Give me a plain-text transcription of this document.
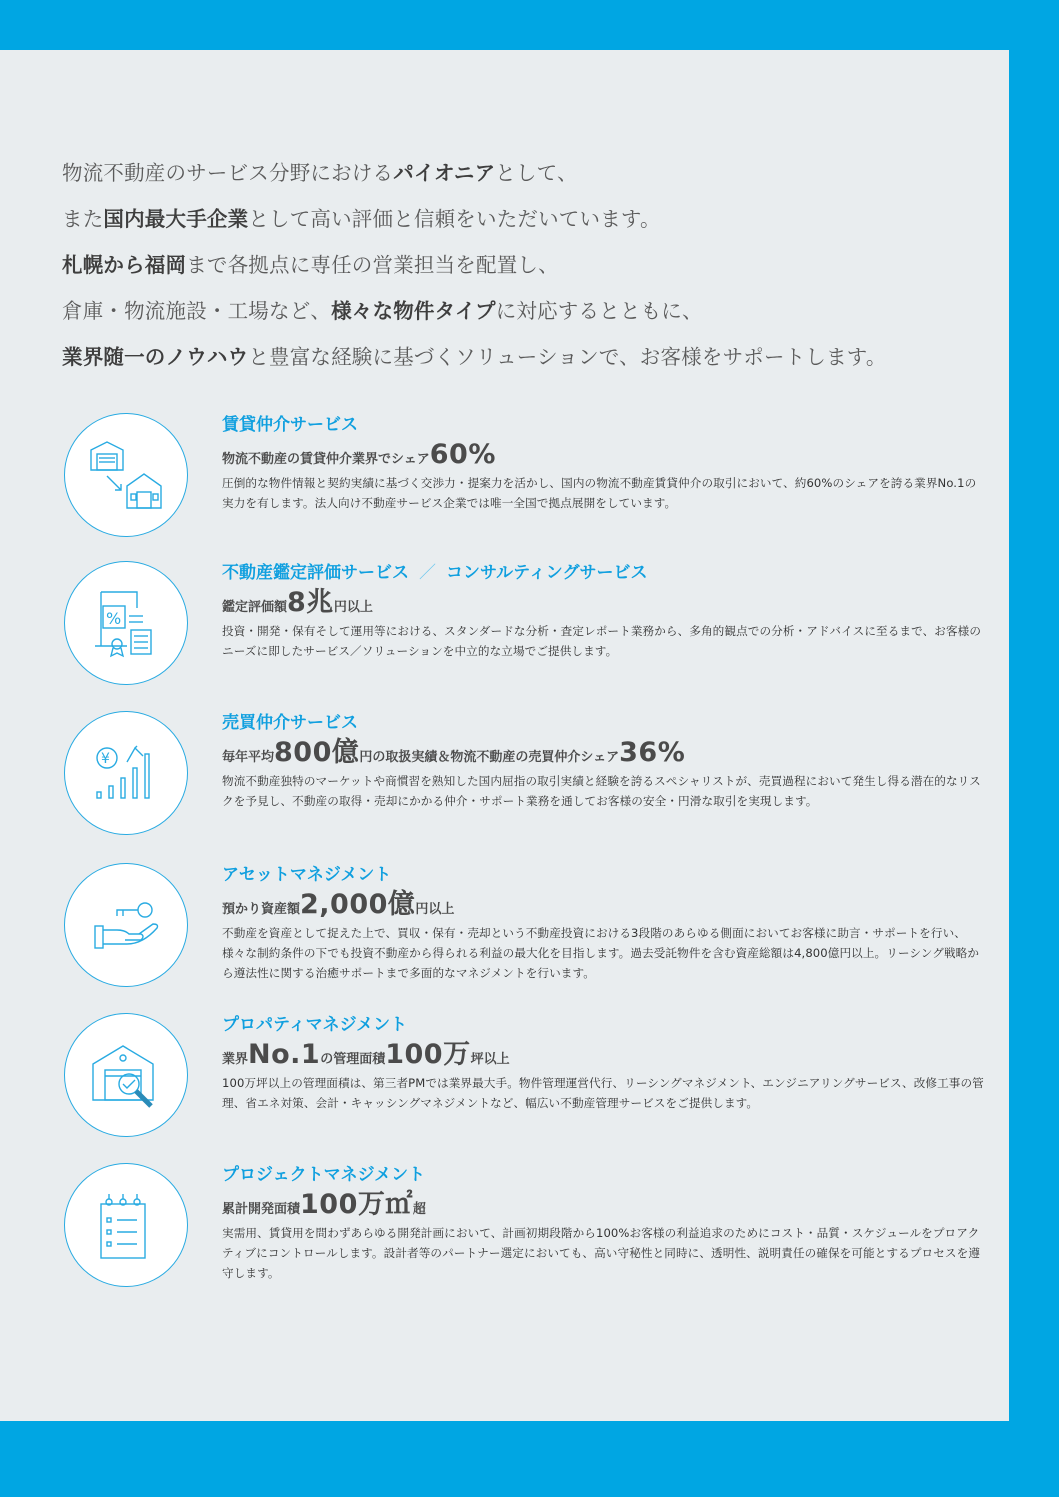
物流不動産のサービス分野におけるパイオニアとして、

また国内最大手企業として高い評価と信頼をいただいています。

札幌から福岡まで各拠点に専任の営業担当を配置し、

倉庫・物流施設・工場など、様々な物件タイプに対応するとともに、

業界随一のノウハウと豊富な経験に基づくソリューションで、お客様をサポートします。

賃貸仲介サービス
物流不動産の賃貸仲介業界でシェア60%
圧倒的な物件情報と契約実績に基づく交渉力・提案力を活かし、国内の物流不動産賃貸仲介の取引において、約60%のシェアを誇る業界No.1の実力を有します。法人向け不動産サービス企業では唯一全国で拠点展開をしています。
%
不動産鑑定評価サービス ／ コンサルティングサービス
鑑定評価額8兆円以上
投資・開発・保有そして運用等における、スタンダードな分析・査定レポート業務から、多角的観点での分析・アドバイスに至るまで、お客様のニーズに即したサービス／ソリューションを中立的な立場でご提供します。
¥
売買仲介サービス
毎年平均800億円の取扱実績＆物流不動産の売買仲介シェア36%
物流不動産独特のマーケットや商慣習を熟知した国内屈指の取引実績と経験を誇るスペシャリストが、売買過程において発生し得る潜在的なリスクを予見し、不動産の取得・売却にかかる仲介・サポート業務を通してお客様の安全・円滑な取引を実現します。
アセットマネジメント
預かり資産額2,000億円以上
不動産を資産として捉えた上で、買収・保有・売却という不動産投資における3段階のあらゆる側面においてお客様に助言・サポートを行い、様々な制約条件の下でも投資不動産から得られる利益の最大化を目指します。過去受託物件を含む資産総額は4,800億円以上。リーシング戦略から遵法性に関する治癒サポートまで多面的なマネジメントを行います。
プロパティマネジメント
業界No.1の管理面積100万坪以上
100万坪以上の管理面積は、第三者PMでは業界最大手。物件管理運営代行、リーシングマネジメント、エンジニアリングサービス、改修工事の管理、省エネ対策、会計・キャッシングマネジメントなど、幅広い不動産管理サービスをご提供します。
プロジェクトマネジメント
累計開発面積100万㎡超
実需用、賃貸用を問わずあらゆる開発計画において、計画初期段階から100%お客様の利益追求のためにコスト・品質・スケジュールをプロアクティブにコントロールします。設計者等のパートナー選定においても、高い守秘性と同時に、透明性、説明責任の確保を可能とするプロセスを遵守します。
